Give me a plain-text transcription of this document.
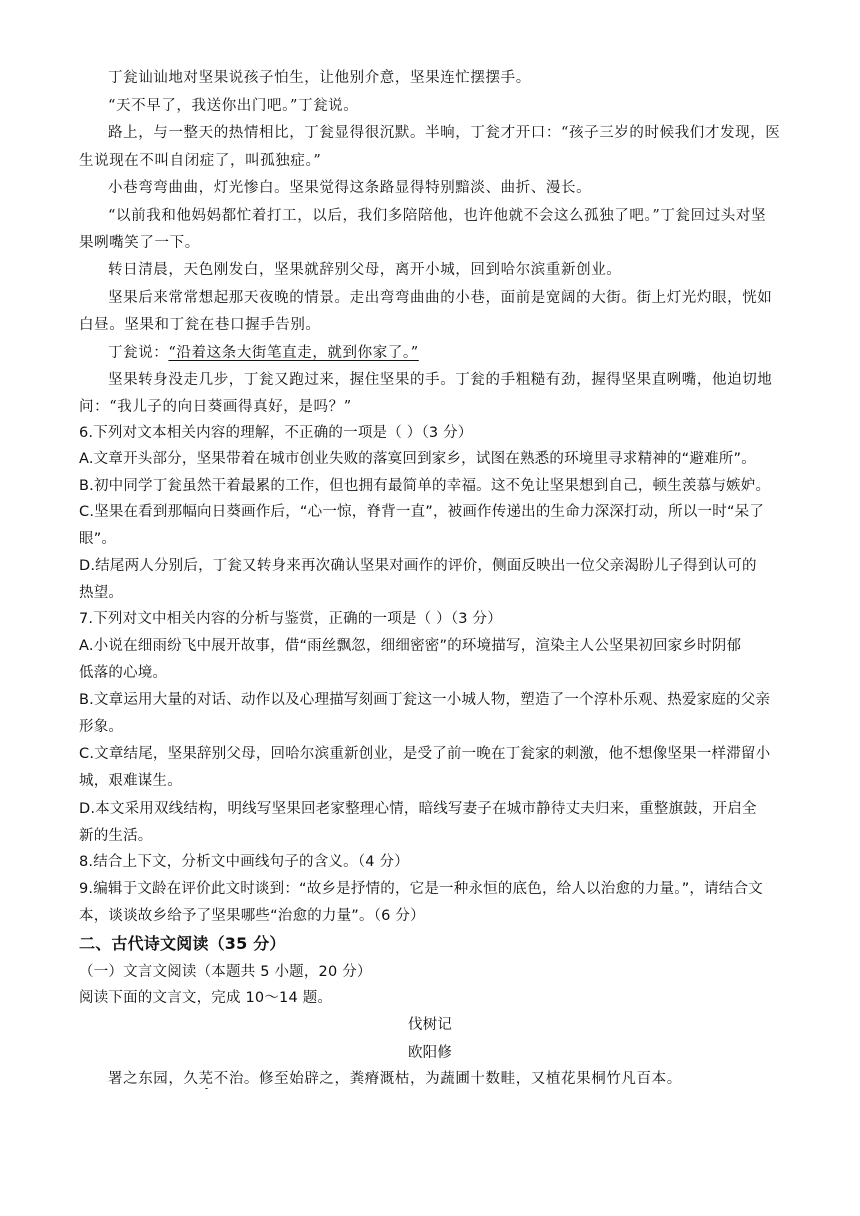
丁瓮讪讪地对坚果说孩子怕生，让他别介意，坚果连忙摆摆手。
“天不早了，我送你出门吧。”丁瓮说。
路上，与一整天的热情相比，丁瓮显得很沉默。半晌，丁瓮才开口：“孩子三岁的时候我们才发现，医
生说现在不叫自闭症了，叫孤独症。”
小巷弯弯曲曲，灯光惨白。坚果觉得这条路显得特别黯淡、曲折、漫长。
“以前我和他妈妈都忙着打工，以后，我们多陪陪他，也许他就不会这么孤独了吧。”丁瓮回过头对坚
果咧嘴笑了一下。
转日清晨，天色刚发白，坚果就辞别父母，离开小城，回到哈尔滨重新创业。
坚果后来常常想起那天夜晚的情景。走出弯弯曲曲的小巷，面前是宽阔的大街。街上灯光灼眼，恍如
白昼。坚果和丁瓮在巷口握手告别。
丁瓮说：“沿着这条大街笔直走，就到你家了。”
坚果转身没走几步，丁瓮又跑过来，握住坚果的手。丁瓮的手粗糙有劲，握得坚果直咧嘴，他迫切地
问：“我儿子的向日葵画得真好，是吗？”
6.下列对文本相关内容的理解，不正确的一项是（ ）（3 分）
A.文章开头部分，坚果带着在城市创业失败的落寞回到家乡，试图在熟悉的环境里寻求精神的“避难所”。
B.初中同学丁瓮虽然干着最累的工作，但也拥有最简单的幸福。这不免让坚果想到自己，顿生羡慕与嫉妒。
C.坚果在看到那幅向日葵画作后，“心一惊，脊背一直”，被画作传递出的生命力深深打动，所以一时“呆了
眼”。
D.结尾两人分别后，丁瓮又转身来再次确认坚果对画作的评价，侧面反映出一位父亲渴盼儿子得到认可的
热望。
7.下列对文中相关内容的分析与鉴赏，正确的一项是（ ）（3 分）
A.小说在细雨纷飞中展开故事，借“雨丝飘忽，细细密密”的环境描写，渲染主人公坚果初回家乡时阴郁
低落的心境。
B.文章运用大量的对话、动作以及心理描写刻画丁瓮这一小城人物，塑造了一个淳朴乐观、热爱家庭的父亲
形象。
C.文章结尾，坚果辞别父母，回哈尔滨重新创业，是受了前一晚在丁瓮家的刺激，他不想像坚果一样滞留小
城，艰难谋生。
D.本文采用双线结构，明线写坚果回老家整理心情，暗线写妻子在城市静待丈夫归来，重整旗鼓，开启全
新的生活。
8.结合上下文，分析文中画线句子的含义。（4 分）
9.编辑于文龄在评价此文时谈到：“故乡是抒情的，它是一种永恒的底色，给人以治愈的力量。”，请结合文
本，谈谈故乡给予了坚果哪些“治愈的力量”。（6 分）
二、古代诗文阅读（35 分）
（一）文言文阅读（本题共 5 小题，20 分）
阅读下面的文言文，完成 10～14 题。
伐树记
欧阳修
署之东园，久芜不治。修至始辟之，粪瘠溉枯，为蔬圃十数畦，又植花果桐竹凡百本。
